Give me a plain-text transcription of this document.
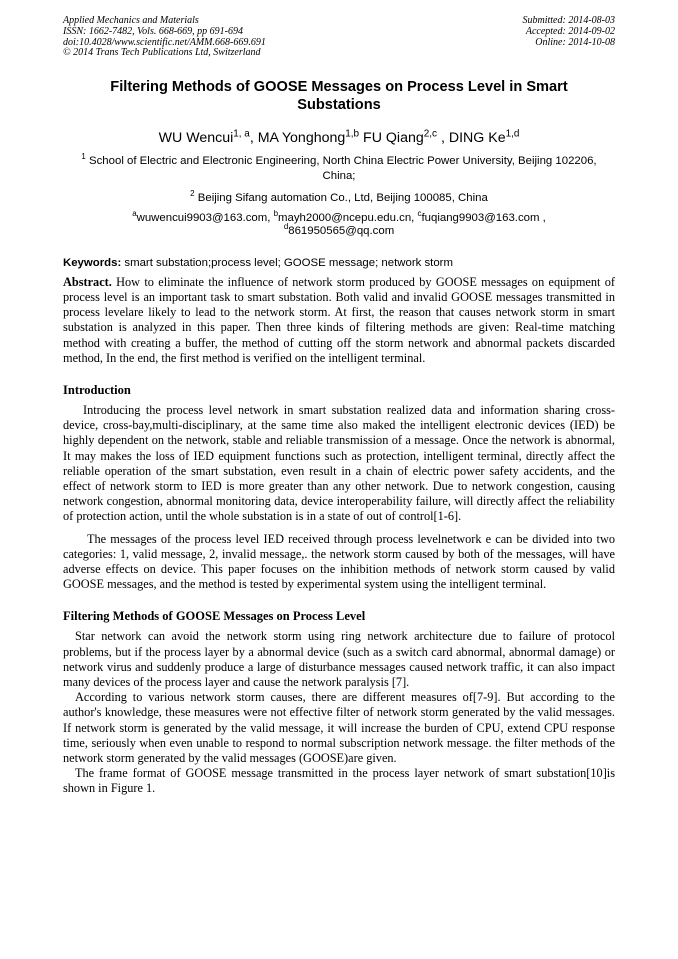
Applied Mechanics and Materials
ISSN: 1662-7482, Vols. 668-669, pp 691-694
doi:10.4028/www.scientific.net/AMM.668-669.691
© 2014 Trans Tech Publications Ltd, Switzerland
Submitted: 2014-08-03
Accepted: 2014-09-02
Online: 2014-10-08
Filtering Methods of GOOSE Messages on Process Level in Smart Substations
WU Wencui$^{1, a}$, MA Yonghong$^{1,b}$ FU Qiang$^{2,c}$ , DING Ke$^{1,d}$
$^1$ School of Electric and Electronic Engineering, North China Electric Power University, Beijing 102206, China;
$^2$ Beijing Sifang automation Co., Ltd, Beijing 100085, China
$^a$wuwencui9903@163.com, $^b$mayh2000@ncepu.edu.cn, $^c$fuqiang9903@163.com ,
$^d$861950565@qq.com
Keywords: smart substation;process level; GOOSE message; network storm
Abstract. How to eliminate the influence of network storm produced by GOOSE messages on equipment of process level is an important task to smart substation. Both valid and invalid GOOSE messages transmitted in process levelare likely to lead to the network storm. At first, the reason that causes network storm in smart substation is analyzed in this paper. Then three kinds of filtering methods are given: Real-time matching method with creating a buffer, the method of cutting off the storm network and abnormal packets discarded method, In the end, the first method is verified on the intelligent terminal.
Introduction

Introducing the process level network in smart substation realized data and information sharing cross-device, cross-bay,multi-disciplinary, at the same time also maked the intelligent electronic devices (IED) be highly dependent on the network, stable and reliable transmission of a message. Once the network is abnormal, It may makes the loss of IED equipment functions such as protection, intelligent terminal, directly affect the reliable operation of the smart substation, even result in a chain of electric power safety accidents, and the effect of network storm to IED is more greater than any other network. Due to network congestion, causing network congestion, abnormal monitoring data, device interoperability failure, will directly affect the reliability of protection action, until the whole substation is in a state of out of control[1-6].

The messages of the process level IED received through process levelnetwork e can be divided into two categories: 1, valid message, 2, invalid message,. the network storm caused by both of the messages, will have adverse effects on device. This paper focuses on the inhibition methods of network storm caused by valid GOOSE messages, and the method is tested by experimental system using the intelligent terminal.

Filtering Methods of GOOSE Messages on Process Level

Star network can avoid the network storm using ring network architecture due to failure of protocol problems, but if the process layer by a abnormal device (such as a switch card abnormal, abnormal damage) or network virus and suddenly produce a large of disturbance messages caused network traffic, it can also impact many devices of the process layer and cause the network paralysis [7].

According to various network storm causes, there are different measures of[7-9]. But according to the author's knowledge, these measures were not effective filter of network storm generated by the valid messages. If network storm is generated by the valid message, it will increase the burden of CPU, extend CPU response time, seriously when even unable to respond to normal subscription network message. the filter methods of the network storm generated by the valid messages (GOOSE)are given.

The frame format of GOOSE message transmitted in the process layer network of smart substation[10]is shown in Figure 1.
